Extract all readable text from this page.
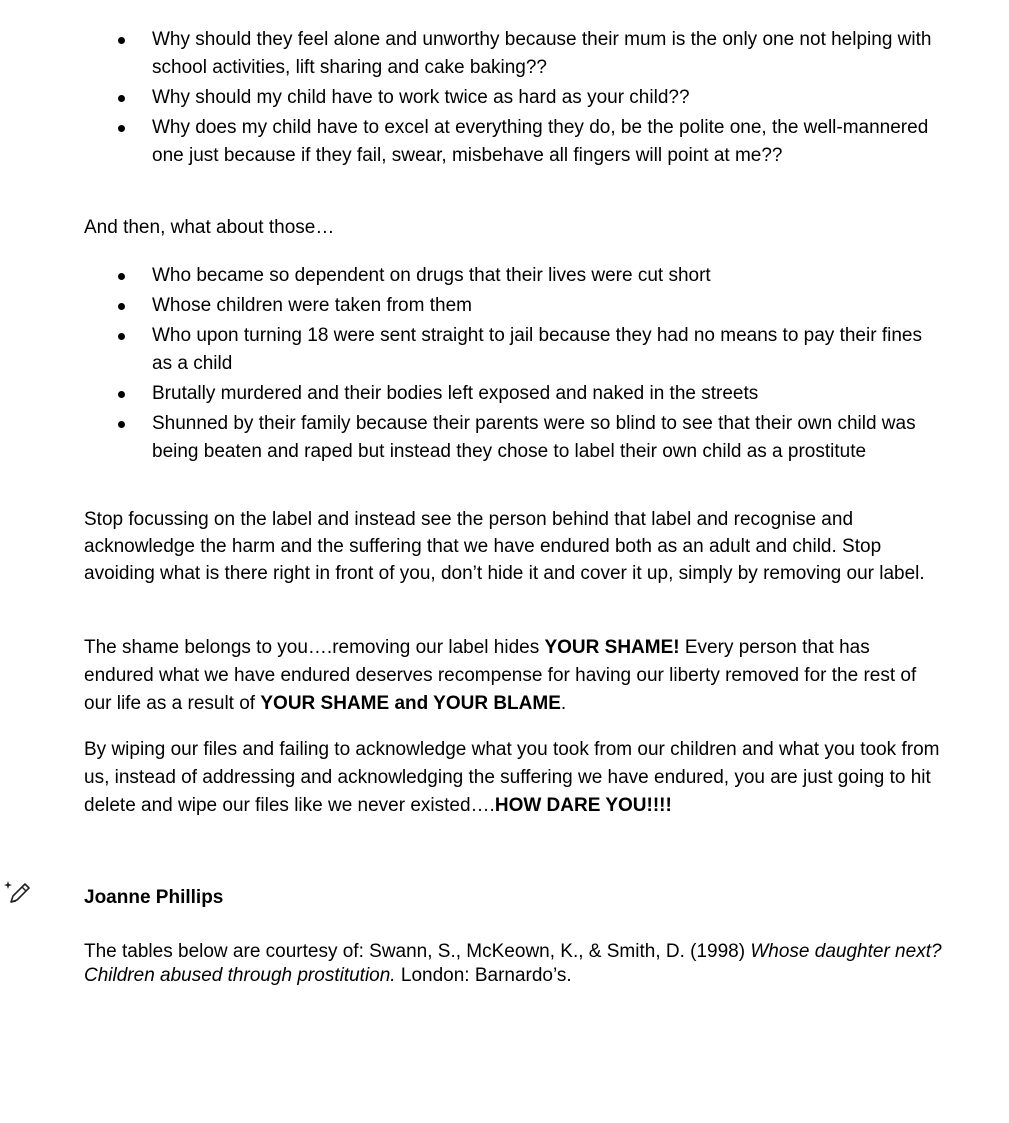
Why should they feel alone and unworthy because their mum is the only one not helping with school activities, lift sharing and cake baking??
Why should my child have to work twice as hard as your child??
Why does my child have to excel at everything they do, be the polite one, the well-mannered one just because if they fail, swear, misbehave all fingers will point at me??

And then, what about those…

Who became so dependent on drugs that their lives were cut short
Whose children were taken from them
Who upon turning 18 were sent straight to jail because they had no means to pay their fines as a child
Brutally murdered and their bodies left exposed and naked in the streets
Shunned by their family because their parents were so blind to see that their own child was being beaten and raped but instead they chose to label their own child as a prostitute

Stop focussing on the label and instead see the person behind that label and recognise and acknowledge the harm and the suffering that we have endured both as an adult and child. Stop avoiding what is there right in front of you, don’t hide it and cover it up, simply by removing our label.

The shame belongs to you….removing our label hides YOUR SHAME! Every person that has endured what we have endured deserves recompense for having our liberty removed for the rest of our life as a result of YOUR SHAME and YOUR BLAME.

By wiping our files and failing to acknowledge what you took from our children and what you took from us, instead of addressing and acknowledging the suffering we have endured, you are just going to hit delete and wipe our files like we never existed….HOW DARE YOU!!!!

Joanne Phillips

The tables below are courtesy of: Swann, S., McKeown, K., & Smith, D. (1998) Whose daughter next? Children abused through prostitution. London: Barnardo’s.
